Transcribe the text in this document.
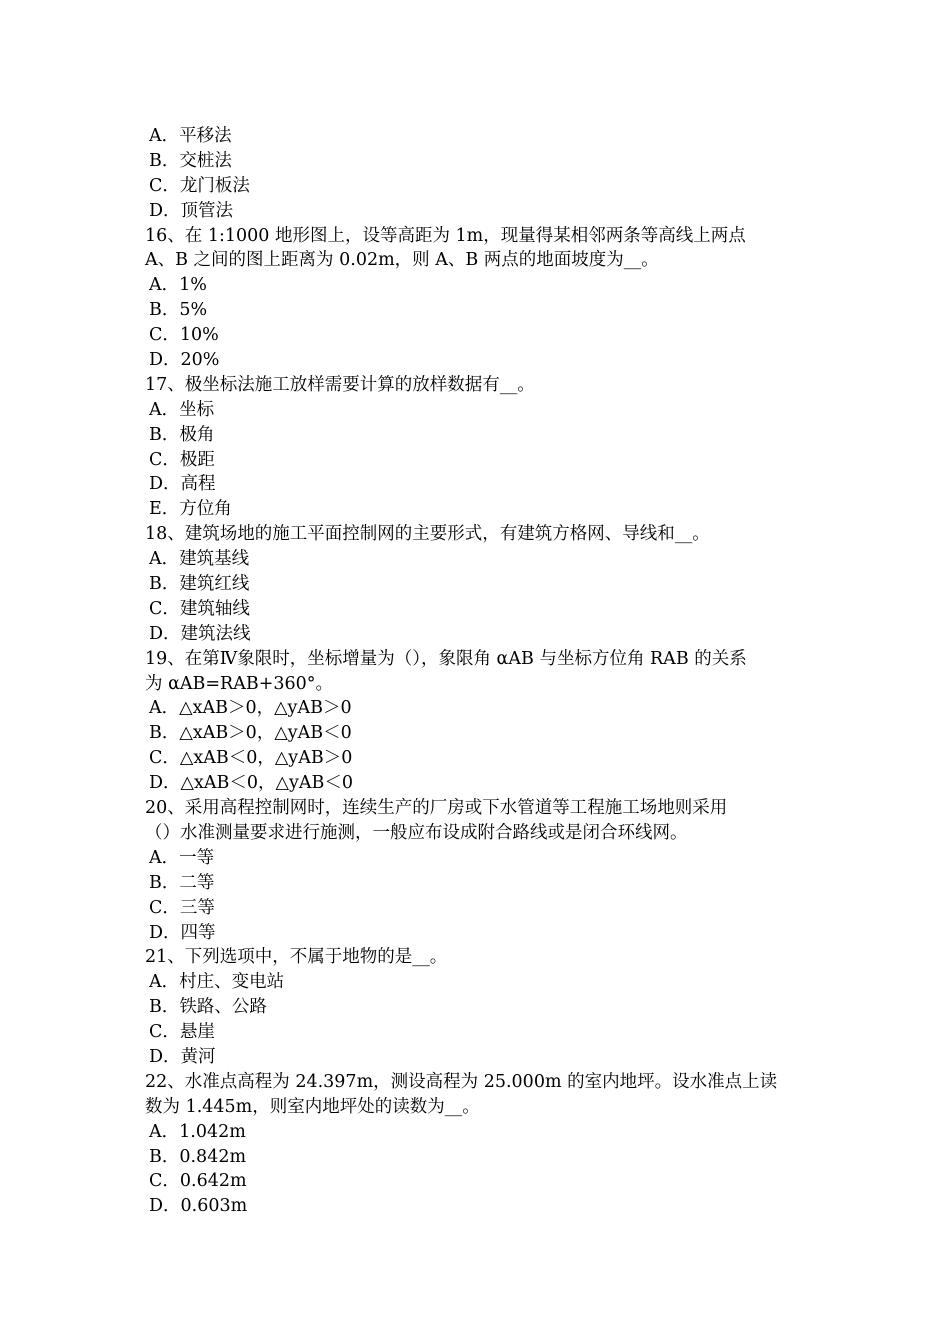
A．平移法
B．交桩法
C．龙门板法
D．顶管法
16、在 1:1000 地形图上，设等高距为 1m，现量得某相邻两条等高线上两点
A、B 之间的图上距离为 0.02m，则 A、B 两点的地面坡度为__。
A．1%
B．5%
C．10%
D．20%
17、极坐标法施工放样需要计算的放样数据有__。
A．坐标
B．极角
C．极距
D．高程
E．方位角
18、建筑场地的施工平面控制网的主要形式，有建筑方格网、导线和__。
A．建筑基线
B．建筑红线
C．建筑轴线
D．建筑法线
19、在第Ⅳ象限时，坐标增量为（），象限角 αAB 与坐标方位角 RAB 的关系
为 αAB=RAB+360°。
A．△xAB＞0，△yAB＞0
B．△xAB＞0，△yAB＜0
C．△xAB＜0，△yAB＞0
D．△xAB＜0，△yAB＜0
20、采用高程控制网时，连续生产的厂房或下水管道等工程施工场地则采用
（）水准测量要求进行施测，一般应布设成附合路线或是闭合环线网。
A．一等
B．二等
C．三等
D．四等
21、下列选项中，不属于地物的是__。
A．村庄、变电站
B．铁路、公路
C．悬崖
D．黄河
22、水准点高程为 24.397m，测设高程为 25.000m 的室内地坪。设水准点上读
数为 1.445m，则室内地坪处的读数为__。
A．1.042m
B．0.842m
C．0.642m
D．0.603m
